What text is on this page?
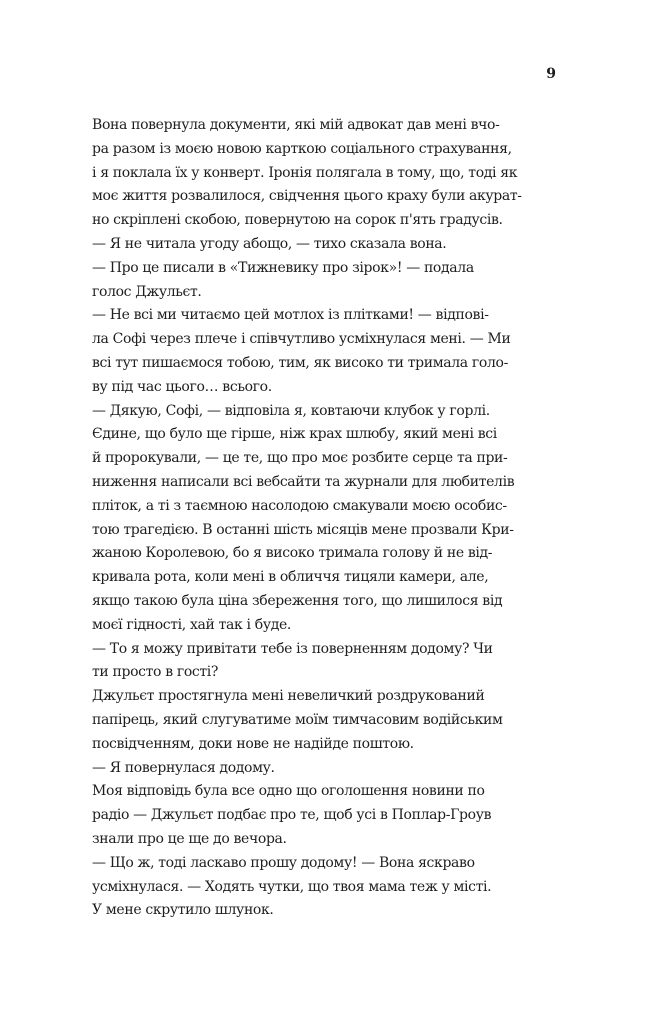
9

Вона повернула документи, які мій адвокат дав мені вчо-
ра разом із моєю новою карткою соціального страхування,
і я поклала їх у конверт. Іронія полягала в тому, що, тоді як
моє життя розвалилося, свідчення цього краху були акурат-
но скріплені скобою, повернутою на сорок п'ять градусів.

— Я не читала угоду абощо, — тихо сказала вона.

— Про це писали в «Тижневику про зірок»! — подала
голос Джульєт.

— Не всі ми читаємо цей мотлох із плітками! — відпові-
ла Софі через плече і співчутливо усміхнулася мені. — Ми
всі тут пишаємося тобою, тим, як високо ти тримала голо-
ву під час цього… всього.

— Дякую, Софі, — відповіла я, ковтаючи клубок у горлі.

Єдине, що було ще гірше, ніж крах шлюбу, який мені всі
й пророкували, — це те, що про моє розбите серце та при-
ниження написали всі вебсайти та журнали для любителів
пліток, а ті з таємною насолодою смакували моєю особис-
тою трагедією. В останні шість місяців мене прозвали Кри-
жаною Королевою, бо я високо тримала голову й не від-
кривала рота, коли мені в обличчя тицяли камери, але,
якщо такою була ціна збереження того, що лишилося від
моєї гідності, хай так і буде.

— То я можу привітати тебе із поверненням додому? Чи
ти просто в гості?

Джульєт простягнула мені невеличкий роздрукований
папірець, який слугуватиме моїм тимчасовим водійським
посвідченням, доки нове не надійде поштою.

— Я повернулася додому.

Моя відповідь була все одно що оголошення новини по
радіо — Джульєт подбає про те, щоб усі в Поплар-Гроув
знали про це ще до вечора.

— Що ж, тоді ласкаво прошу додому! — Вона яскраво
усміхнулася. — Ходять чутки, що твоя мама теж у місті.

У мене скрутило шлунок.
